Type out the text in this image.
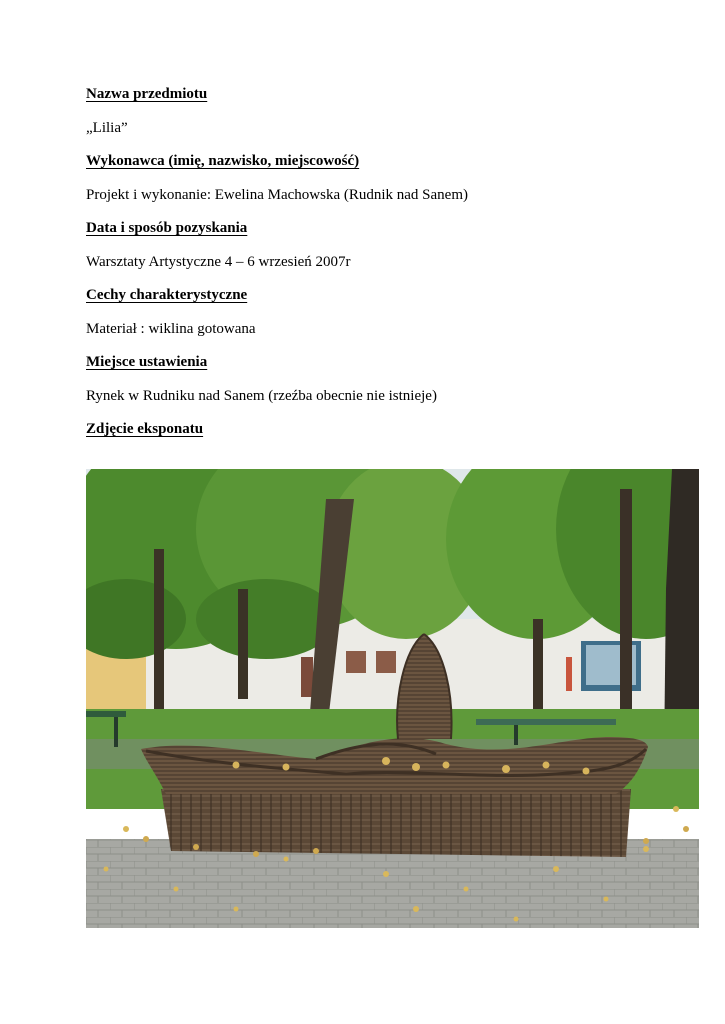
Nazwa przedmiotu
„Lilia”
Wykonawca (imię, nazwisko, miejscowość)
Projekt i wykonanie: Ewelina Machowska (Rudnik nad Sanem)
Data i sposób pozyskania
Warsztaty Artystyczne 4 – 6 wrzesień 2007r
Cechy charakterystyczne
Materiał : wiklina gotowana
Miejsce ustawienia
Rynek w Rudniku nad Sanem (rzeźba obecnie nie istnieje)
Zdjęcie eksponatu
